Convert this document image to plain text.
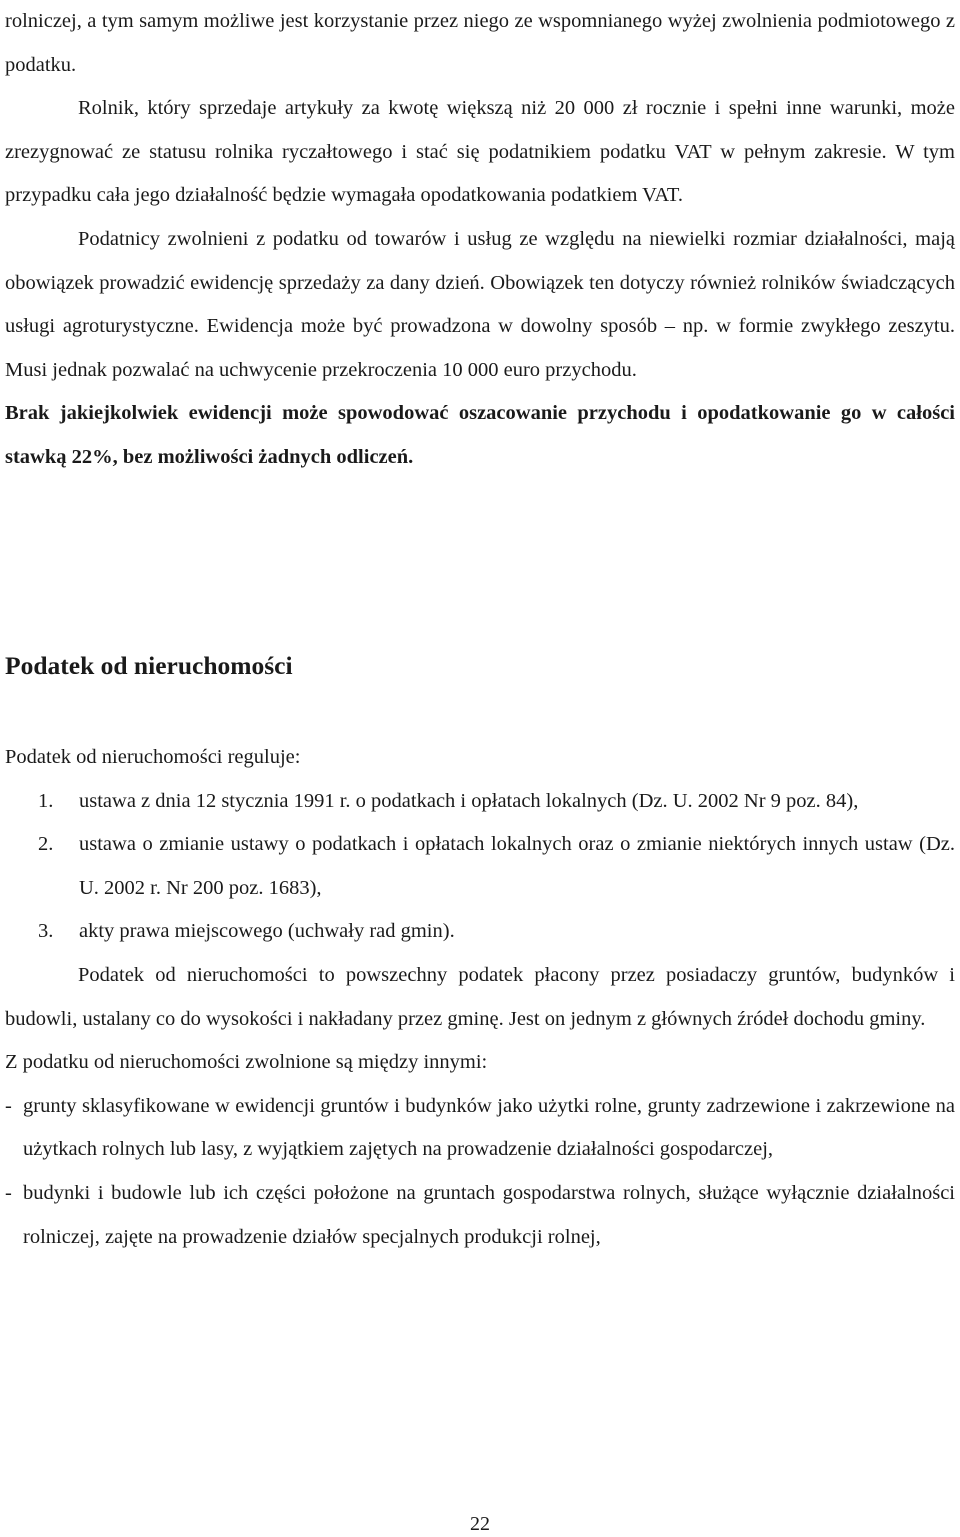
rolniczej, a tym samym możliwe jest korzystanie przez niego ze wspomnianego wyżej zwolnienia podmiotowego z podatku.

Rolnik, który sprzedaje artykuły za kwotę większą niż 20 000 zł rocznie i spełni inne warunki, może zrezygnować ze statusu rolnika ryczałtowego i stać się podatnikiem podatku VAT w pełnym zakresie. W tym przypadku cała jego działalność będzie wymagała opodatkowania podatkiem VAT.

Podatnicy zwolnieni z podatku od towarów i usług ze względu na niewielki rozmiar działalności, mają obowiązek prowadzić ewidencję sprzedaży za dany dzień. Obowiązek ten dotyczy również rolników świadczących usługi agroturystyczne. Ewidencja może być prowadzona w dowolny sposób – np. w formie zwykłego zeszytu. Musi jednak pozwalać na uchwycenie przekroczenia 10 000 euro przychodu.

Brak jakiejkolwiek ewidencji może spowodować oszacowanie przychodu i opodatkowanie go w całości stawką 22%, bez możliwości żadnych odliczeń.

Podatek od nieruchomości

Podatek od nieruchomości reguluje:

1. ustawa z dnia 12 stycznia 1991 r. o podatkach i opłatach lokalnych (Dz. U. 2002 Nr 9 poz. 84),
2. ustawa o zmianie ustawy o podatkach i opłatach lokalnych oraz o zmianie niektórych innych ustaw (Dz. U. 2002 r. Nr 200 poz. 1683),
3. akty prawa miejscowego (uchwały rad gmin).

Podatek od nieruchomości to powszechny podatek płacony przez posiadaczy gruntów, budynków i budowli, ustalany co do wysokości i nakładany przez gminę. Jest on jednym z głównych źródeł dochodu gminy.

Z podatku od nieruchomości zwolnione są między innymi:

- grunty sklasyfikowane w ewidencji gruntów i budynków jako użytki rolne, grunty zadrzewione i zakrzewione na użytkach rolnych lub lasy, z wyjątkiem zajętych na prowadzenie działalności gospodarczej,
- budynki i budowle lub ich części położone na gruntach gospodarstwa rolnych, służące wyłącznie działalności rolniczej, zajęte na prowadzenie działów specjalnych produkcji rolnej,
22
